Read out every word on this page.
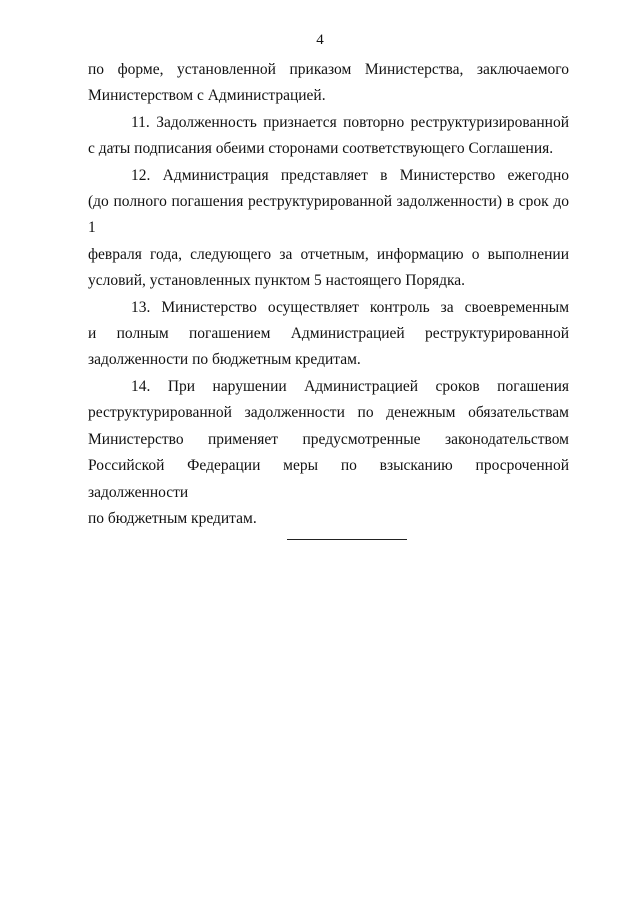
4

по форме, установленной приказом Министерства, заключаемого

Министерством с Администрацией.

11. Задолженность признается повторно реструктуризированной

с даты подписания обеими сторонами соответствующего Соглашения.

12. Администрация представляет в Министерство ежегодно

(до полного погашения реструктурированной задолженности) в срок до 1

февраля года, следующего за отчетным, информацию о выполнении

условий, установленных пунктом 5 настоящего Порядка.

13. Министерство осуществляет контроль за своевременным

и полным погашением Администрацией реструктурированной

задолженности по бюджетным кредитам.

14. При нарушении Администрацией сроков погашения

реструктурированной задолженности по денежным обязательствам

Министерство применяет предусмотренные законодательством

Российской Федерации меры по взысканию просроченной задолженности

по бюджетным кредитам.
